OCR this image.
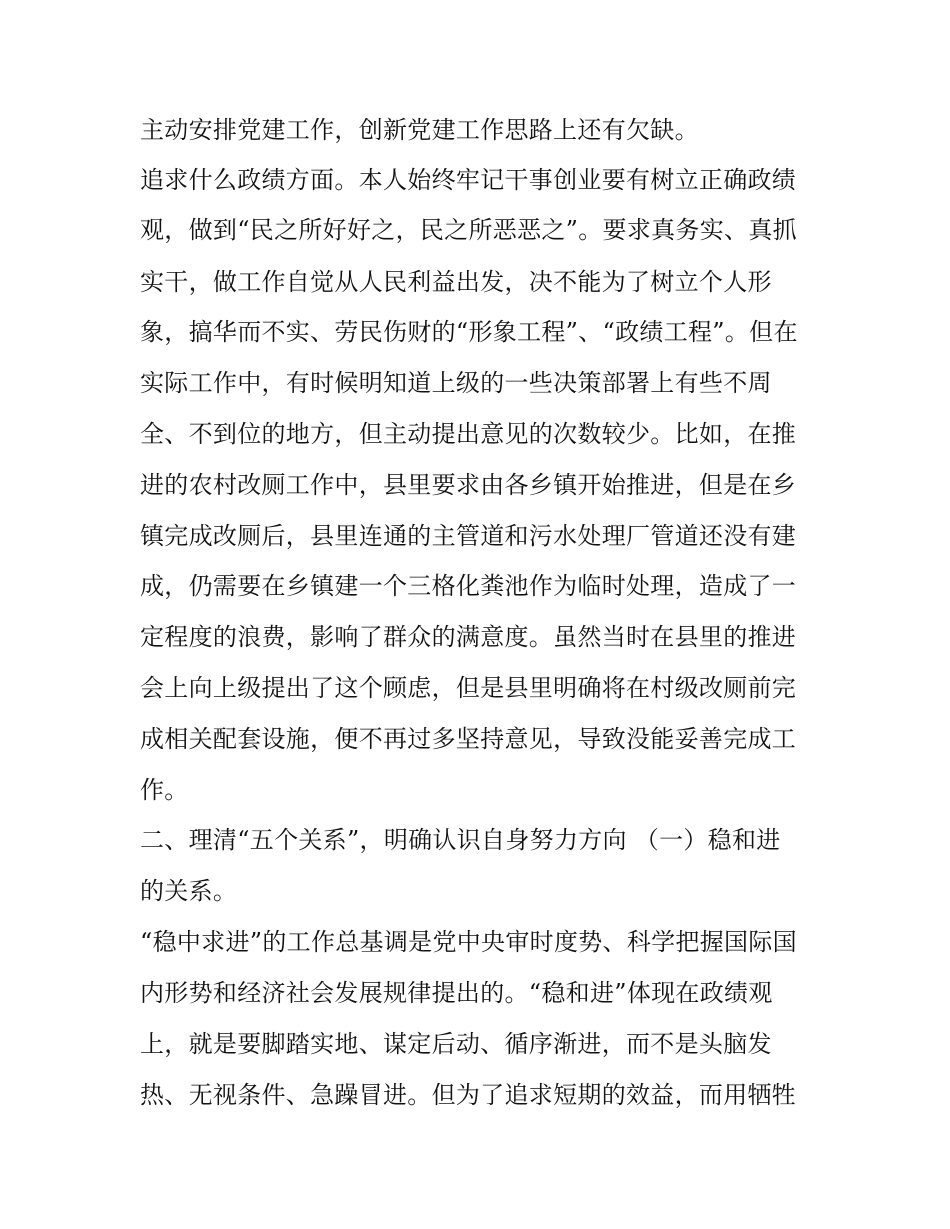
主动安排党建工作，创新党建工作思路上还有欠缺。
追求什么政绩方面。本人始终牢记干事创业要有树立正确政绩
观，做到“民之所好好之，民之所恶恶之”。要求真务实、真抓
实干，做工作自觉从人民利益出发，决不能为了树立个人形
象，搞华而不实、劳民伤财的“形象工程”、“政绩工程”。但在
实际工作中，有时候明知道上级的一些决策部署上有些不周
全、不到位的地方，但主动提出意见的次数较少。比如，在推
进的农村改厕工作中，县里要求由各乡镇开始推进，但是在乡
镇完成改厕后，县里连通的主管道和污水处理厂管道还没有建
成，仍需要在乡镇建一个三格化粪池作为临时处理，造成了一
定程度的浪费，影响了群众的满意度。虽然当时在县里的推进
会上向上级提出了这个顾虑，但是县里明确将在村级改厕前完
成相关配套设施，便不再过多坚持意见，导致没能妥善完成工
作。
二、理清“五个关系”，明确认识自身努力方向 （一）稳和进
的关系。
“稳中求进”的工作总基调是党中央审时度势、科学把握国际国
内形势和经济社会发展规律提出的。“稳和进”体现在政绩观
上，就是要脚踏实地、谋定后动、循序渐进，而不是头脑发
热、无视条件、急躁冒进。但为了追求短期的效益，而用牺牲
